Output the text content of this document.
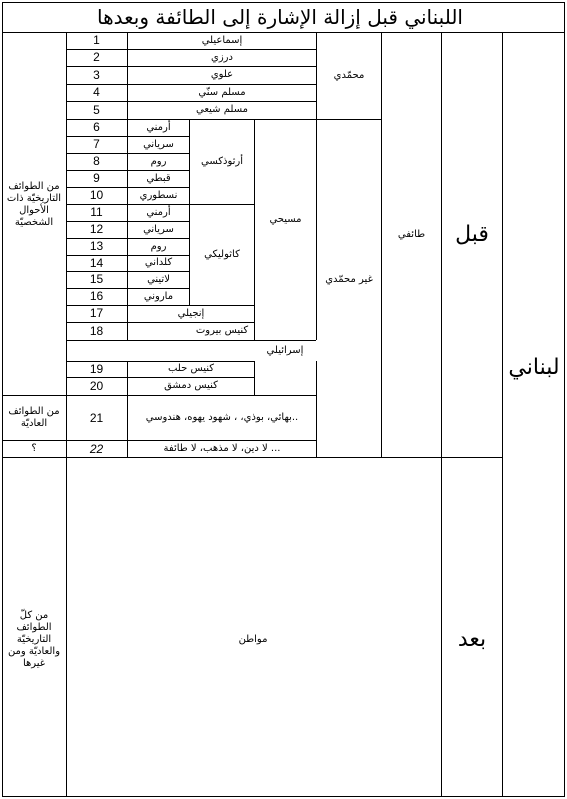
اللبناني قبل إزالة الإشارة إلى الطائفة وبعدها
من الطوائف التاريخيّة ذات الأحوال الشخصيّة
من الطوائف العاديّة
؟
من كلّ الطوائف التاريخيّة والعاديّة ومن غيرها
1
2
3
4
5
6
7
8
9
10
11
12
13
14
15
16
17
18
19
20
21
22
إسماعيلي
درزي
علوي
مسلم سنّي
مسلم شيعي
محمّدي
أرمني
سرياني
روم
قبطي
نسطوري
أرثوذكسي
أرمني
سرياني
روم
كلداني
لاتيني
ماروني
كاثوليكي
إنجيلي
كنيس بيروت
إسرائيلي
كنيس حلب
كنيس دمشق
مسيحي
غير محمّدي
بهائي، بوذي، ، شهود يهوه، هندوسي..
لا دين، لا مذهب، لا طائفة ...
طائفي	قبل
بعد
لبناني
مواطن
